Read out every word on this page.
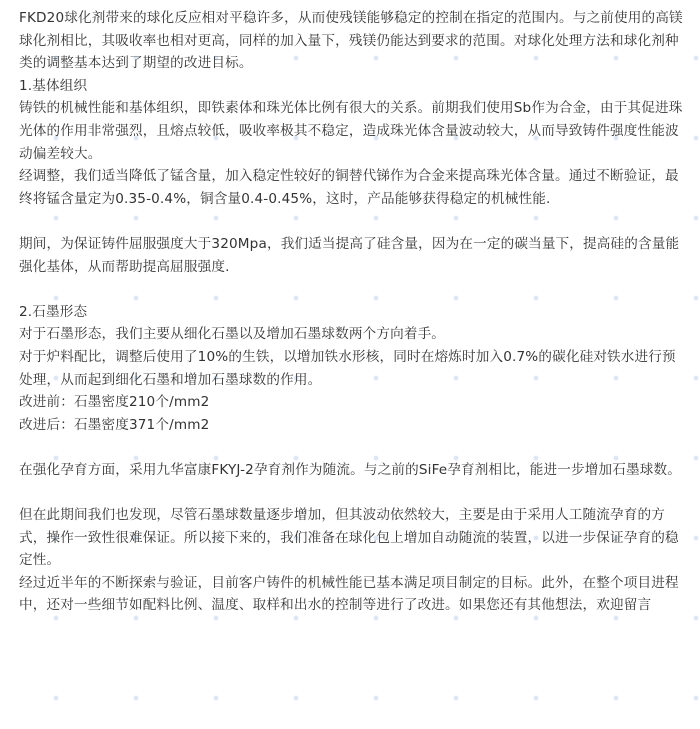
FKD20球化剂带来的球化反应相对平稳许多，从而使残镁能够稳定的控制在指定的范围内。与之前使用的高镁球化剂相比，其吸收率也相对更高，同样的加入量下，残镁仍能达到要求的范围。对球化处理方法和球化剂种类的调整基本达到了期望的改进目标。

1.基体组织

铸铁的机械性能和基体组织，即铁素体和珠光体比例有很大的关系。前期我们使用Sb作为合金，由于其促进珠光体的作用非常强烈，且熔点较低，吸收率极其不稳定，造成珠光体含量波动较大，从而导致铸件强度性能波动偏差较大。

经调整，我们适当降低了锰含量，加入稳定性较好的铜替代锑作为合金来提高珠光体含量。通过不断验证，最终将锰含量定为0.35-0.4%，铜含量0.4-0.45%，这时，产品能够获得稳定的机械性能.

期间，为保证铸件屈服强度大于320Mpa，我们适当提高了硅含量，因为在一定的碳当量下，提高硅的含量能强化基体，从而帮助提高屈服强度.

2.石墨形态

对于石墨形态，我们主要从细化石墨以及增加石墨球数两个方向着手。

对于炉料配比，调整后使用了10%的生铁，以增加铁水形核，同时在熔炼时加入0.7%的碳化硅对铁水进行预处理，从而起到细化石墨和增加石墨球数的作用。

改进前：石墨密度210个/mm2

改进后：石墨密度371个/mm2

在强化孕育方面，采用九华富康FKYJ-2孕育剂作为随流。与之前的SiFe孕育剂相比，能进一步增加石墨球数。

但在此期间我们也发现，尽管石墨球数量逐步增加，但其波动依然较大，主要是由于采用人工随流孕育的方式，操作一致性很难保证。所以接下来的，我们准备在球化包上增加自动随流的装置，以进一步保证孕育的稳定性。

经过近半年的不断探索与验证，目前客户铸件的机械性能已基本满足项目制定的目标。此外，在整个项目进程中，还对一些细节如配料比例、温度、取样和出水的控制等进行了改进。如果您还有其他想法，欢迎留言
